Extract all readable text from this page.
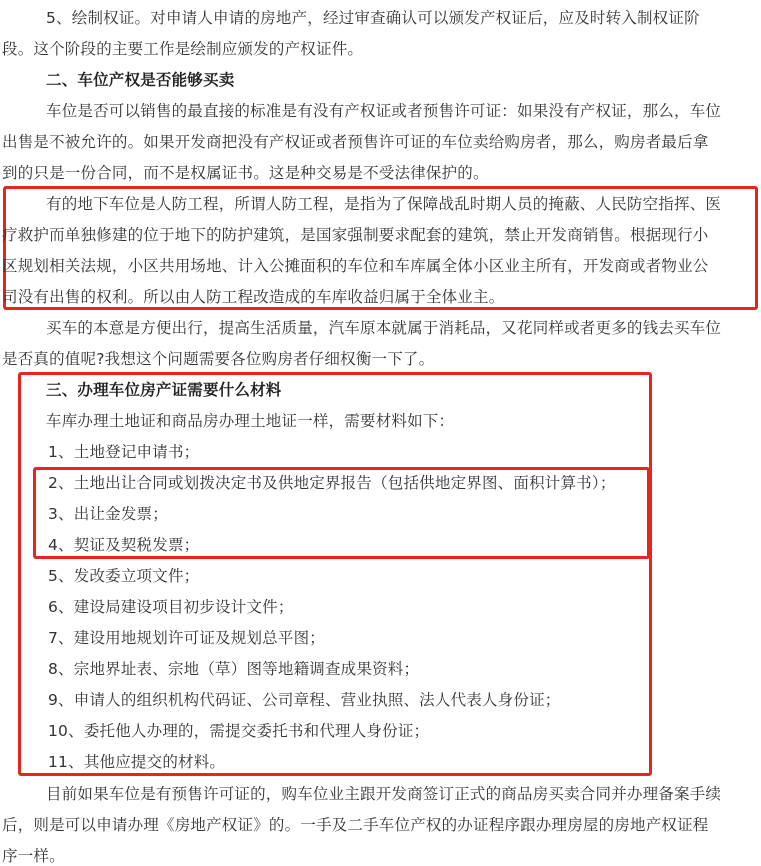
5、绘制权证。对申请人申请的房地产，经过审查确认可以颁发产权证后，应及时转入制权证阶
段。这个阶段的主要工作是绘制应颁发的产权证件。
二、车位产权是否能够买卖
车位是否可以销售的最直接的标准是有没有产权证或者预售许可证：如果没有产权证，那么，车位
出售是不被允许的。如果开发商把没有产权证或者预售许可证的车位卖给购房者，那么，购房者最后拿
到的只是一份合同，而不是权属证书。这是种交易是不受法律保护的。
有的地下车位是人防工程，所谓人防工程，是指为了保障战乱时期人员的掩蔽、人民防空指挥、医
疗救护而单独修建的位于地下的防护建筑，是国家强制要求配套的建筑，禁止开发商销售。根据现行小
区规划相关法规，小区共用场地、计入公摊面积的车位和车库属全体小区业主所有，开发商或者物业公
司没有出售的权利。所以由人防工程改造成的车库收益归属于全体业主。
买车的本意是方便出行，提高生活质量，汽车原本就属于消耗品，又花同样或者更多的钱去买车位
是否真的值呢?我想这个问题需要各位购房者仔细权衡一下了。
三、办理车位房产证需要什么材料
车库办理土地证和商品房办理土地证一样，需要材料如下：
1、土地登记申请书；
2、土地出让合同或划拨决定书及供地定界报告（包括供地定界图、面积计算书）；
3、出让金发票；
4、契证及契税发票；
5、发改委立项文件；
6、建设局建设项目初步设计文件；
7、建设用地规划许可证及规划总平图；
8、宗地界址表、宗地（草）图等地籍调查成果资料；
9、申请人的组织机构代码证、公司章程、营业执照、法人代表人身份证；
10、委托他人办理的，需提交委托书和代理人身份证；
11、其他应提交的材料。
目前如果车位是有预售许可证的，购车位业主跟开发商签订正式的商品房买卖合同并办理备案手续
后，则是可以申请办理《房地产权证》的。一手及二手车位产权的办证程序跟办理房屋的房地产权证程
序一样。
